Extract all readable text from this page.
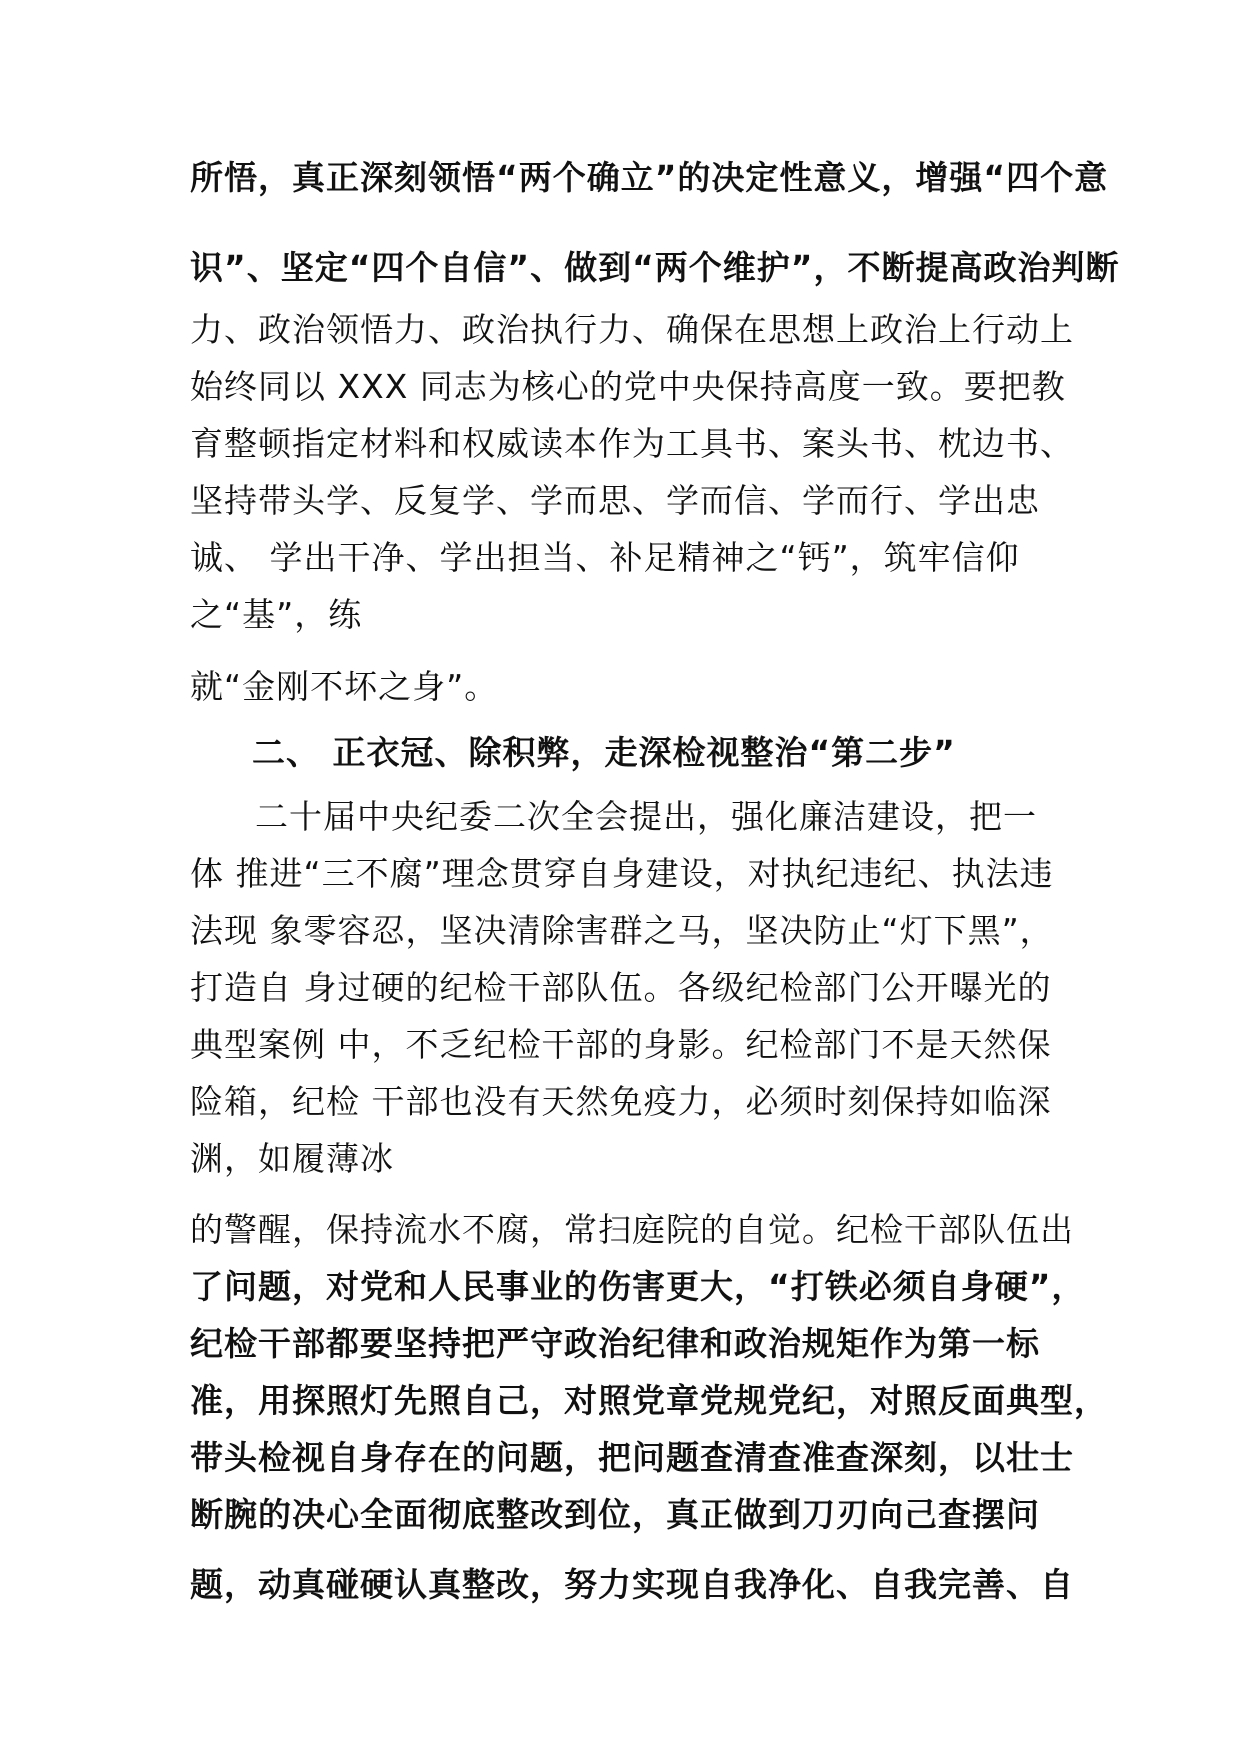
所悟，真正深刻领悟“两个确立”的决定性意义，增强“四个意
识”、坚定“四个自信”、做到“两个维护”，不断提高政治判断
力、政治领悟力、政治执行力、确保在思想上政治上行动上
始终同以 XXX 同志为核心的党中央保持高度一致。要把教
育整顿指定材料和权威读本作为工具书、案头书、枕边书、
坚持带头学、反复学、学而思、学而信、学而行、学出忠
诚、 学出干净、学出担当、补足精神之“钙”，筑牢信仰
之“基”，练
就“金刚不坏之身”。
二、 正衣冠、除积弊，走深检视整治“第二步”
二十届中央纪委二次全会提出，强化廉洁建设，把一
体 推进“三不腐”理念贯穿自身建设，对执纪违纪、执法违
法现 象零容忍，坚决清除害群之马，坚决防止“灯下黑”，
打造自 身过硬的纪检干部队伍。各级纪检部门公开曝光的
典型案例 中，不乏纪检干部的身影。纪检部门不是天然保
险箱，纪检 干部也没有天然免疫力，必须时刻保持如临深
渊，如履薄冰
的警醒，保持流水不腐，常扫庭院的自觉。纪检干部队伍出
了问题，对党和人民事业的伤害更大，“打铁必须自身硬”，
纪检干部都要坚持把严守政治纪律和政治规矩作为第一标
准，用探照灯先照自己，对照党章党规党纪，对照反面典型，
带头检视自身存在的问题，把问题查清查准查深刻，以壮士
断腕的决心全面彻底整改到位，真正做到刀刃向己查摆问
题，动真碰硬认真整改，努力实现自我净化、自我完善、自
